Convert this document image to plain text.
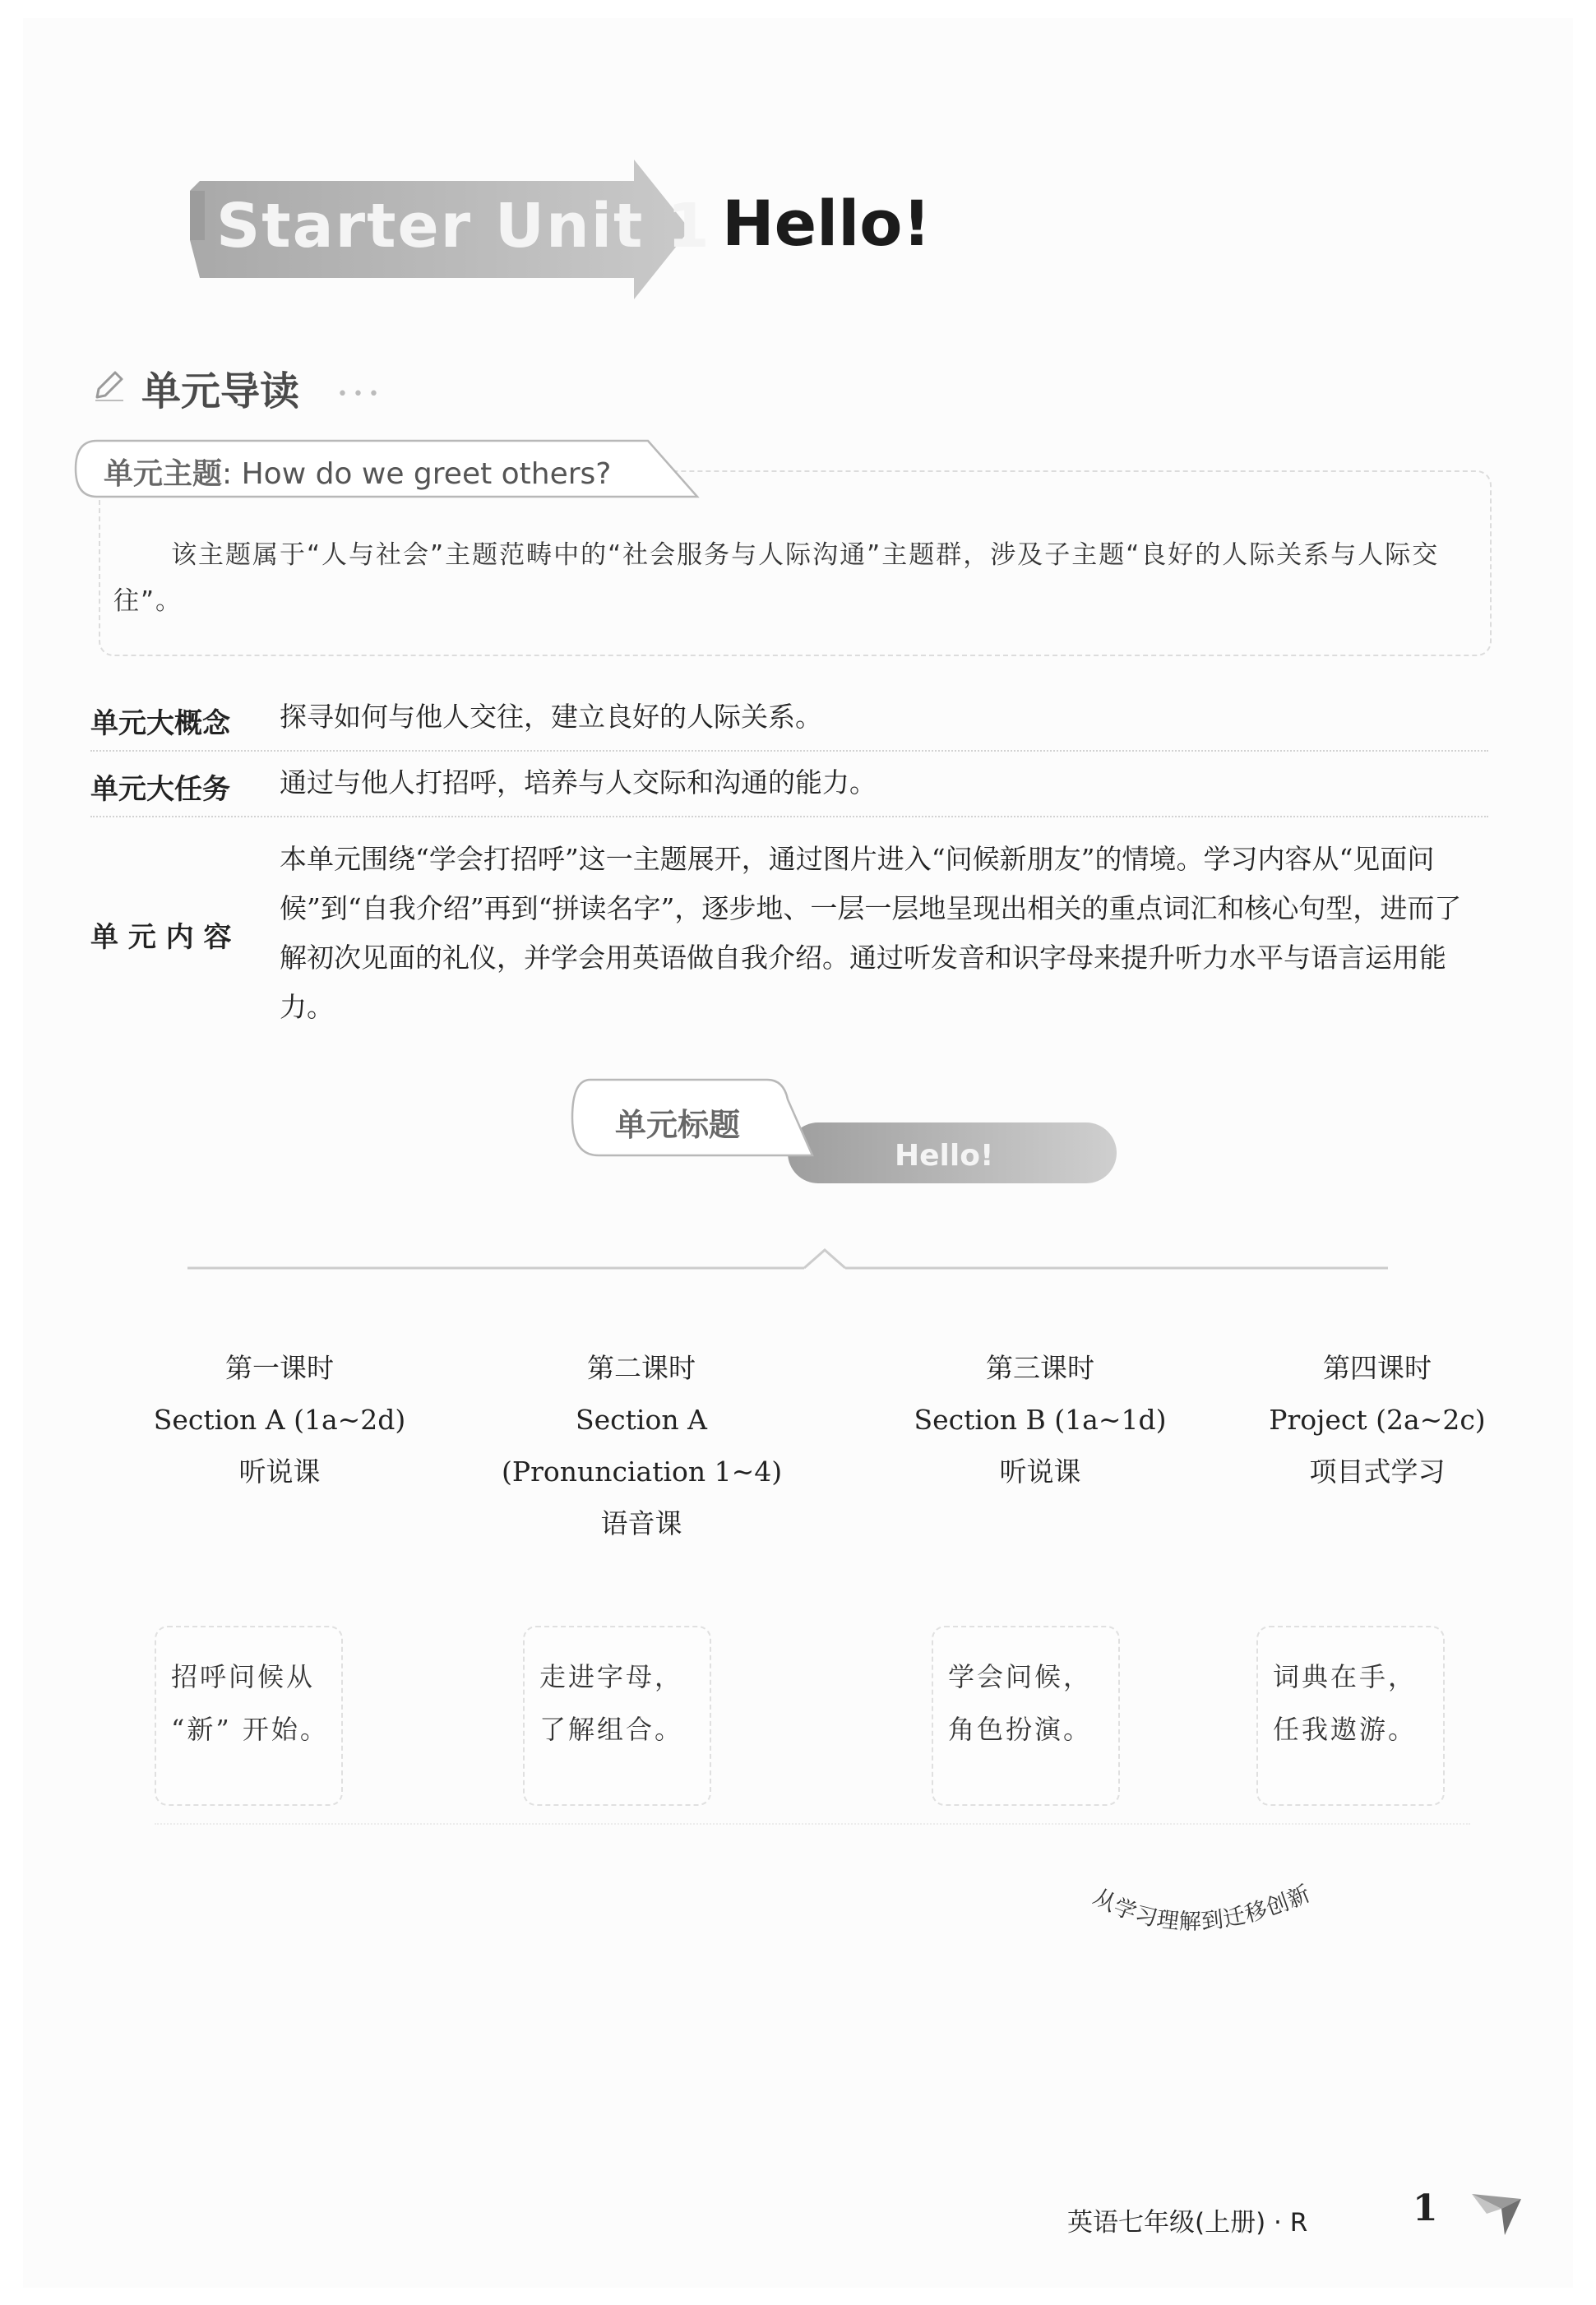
Starter Unit 1 Hello!
单元导读 •••
单元主题: How do we greet others?
该主题属于“人与社会”主题范畴中的“社会服务与人际沟通”主题群，涉及子主题“良好的人际关系与人际交往”。
单元大概念 探寻如何与他人交往，建立良好的人际关系。
单元大任务 通过与他人打招呼，培养与人交际和沟通的能力。
单 元 内 容
本单元围绕“学会打招呼”这一主题展开，通过图片进入“问候新朋友”的情境。学习内容从“见面问候”到“自我介绍”再到“拼读名字”，逐步地、一层一层地呈现出相关的重点词汇和核心句型，进而了解初次见面的礼仪，并学会用英语做自我介绍。通过听发音和识字母来提升听力水平与语言运用能力。
单元标题
Hello!
第一课时
Section A (1a~2d)
听说课
第二课时
Section A
(Pronunciation 1~4)
语音课
第三课时
Section B (1a~1d)
听说课
第四课时
Project (2a~2c)
项目式学习
招呼问候从
“新” 开始。
走进字母，
了解组合。
学会问候，
角色扮演。
词典在手，
任我遨游。
从学习理解到迁移创新
英语七年级(上册) · R	1
